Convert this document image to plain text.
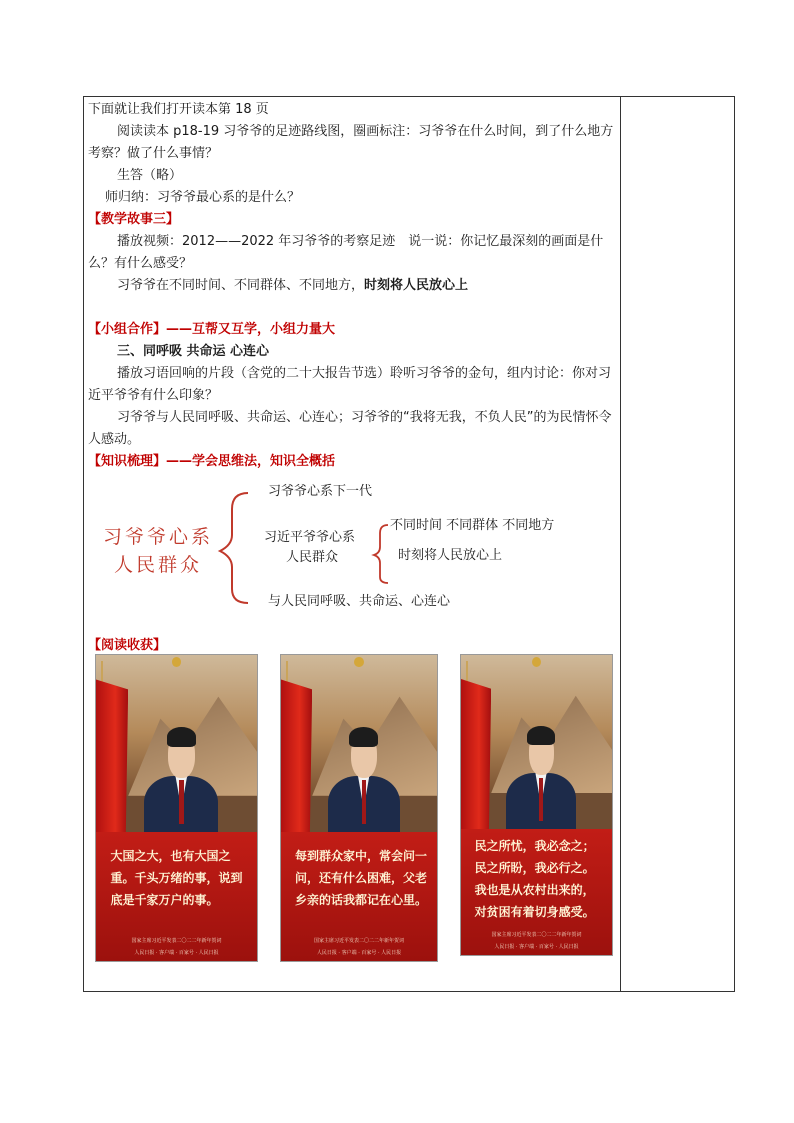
下面就让我们打开读本第 18 页

阅读读本 p18-19 习爷爷的足迹路线图，圈画标注：习爷爷在什么时间，到了什么地方考察？做了什么事情？

生答（略）

师归纳：习爷爷最心系的是什么？

【教学故事三】

播放视频：2012——2022 年习爷爷的考察足迹　说一说：你记忆最深刻的画面是什么？有什么感受？

习爷爷在不同时间、不同群体、不同地方，时刻将人民放心上

【小组合作】——互帮又互学，小组力量大

三、同呼吸 共命运 心连心

播放习语回响的片段（含党的二十大报告节选）聆听习爷爷的金句，组内讨论：你对习近平爷爷有什么印象？

习爷爷与人民同呼吸、共命运、心连心；习爷爷的“我将无我，不负人民”的为民情怀令人感动。

【知识梳理】——学会思维法，知识全概括

习爷爷心系
人民群众
习爷爷心系下一代
习近平爷爷心系
人民群众
不同时间 不同群体 不同地方
时刻将人民放心上
与人民同呼吸、共命运、心连心

【阅读收获】

大国之大，也有大国之重。千头万绪的事，说到底是千家万户的事。
国家主席习近平发表二〇二二年新年贺词
人民日报 · 客户端 · 百家号 · 人民日报
每到群众家中，常会问一问，还有什么困难，父老乡亲的话我都记在心里。
国家主席习近平发表二〇二二年新年贺词
人民日报 · 客户端 · 百家号 · 人民日报
民之所忧，我必念之；民之所盼，我必行之。我也是从农村出来的，对贫困有着切身感受。
国家主席习近平发表二〇二二年新年贺词
人民日报 · 客户端 · 百家号 · 人民日报
